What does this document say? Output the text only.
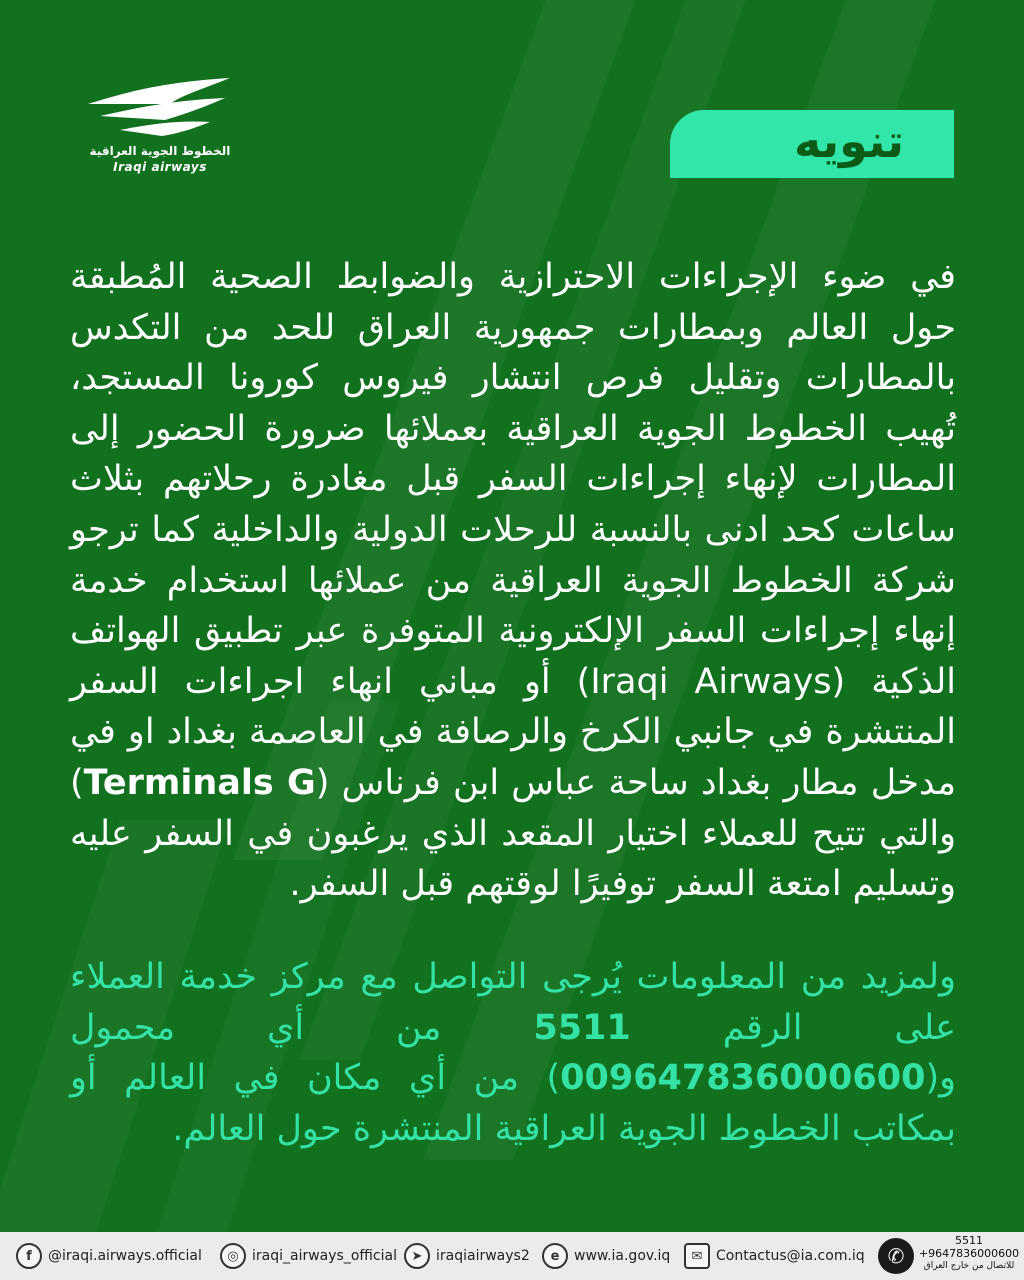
الخطوط الجوية العراقية
Iraqi airways	تنويه
في ضوء الإجراءات الاحترازية والضوابط الصحية المُطبقة حول العالم وبمطارات جمهورية العراق للحد من التكدس بالمطارات وتقليل فرص انتشار فيروس كورونا المستجد، تُهيب الخطوط الجوية العراقية بعملائها ضرورة الحضور إلى المطارات لإنهاء إجراءات السفر قبل مغادرة رحلاتهم بثلاث ساعات كحد ادنى بالنسبة للرحلات الدولية والداخلية كما ترجو شركة الخطوط الجوية العراقية من عملائها استخدام خدمة إنهاء إجراءات السفر الإلكترونية المتوفرة عبر تطبيق الهواتف الذكية (Iraqi Airways) أو مباني انهاء اجراءات السفر المنتشرة في جانبي الكرخ والرصافة في العاصمة بغداد او في مدخل مطار بغداد ساحة عباس ابن فرناس (Terminals G) والتي تتيح للعملاء اختيار المقعد الذي يرغبون في السفر عليه وتسليم امتعة السفر توفيرًا لوقتهم قبل السفر.
ولمزيد من المعلومات يُرجى التواصل مع مركز خدمة العملاء على الرقم 5511 من أي محمول و(009647836000600) من أي مكان في العالم أو بمكاتب الخطوط الجوية العراقية المنتشرة حول العالم.
f	@iraqi.airways.official	◎ iraqi_airways_official	➤ iraqiairways2	e	www.ia.gov.iq	✉ Contactus@ia.com.iq	✆
5511
+9647836000600
للاتصال من خارج العراق
